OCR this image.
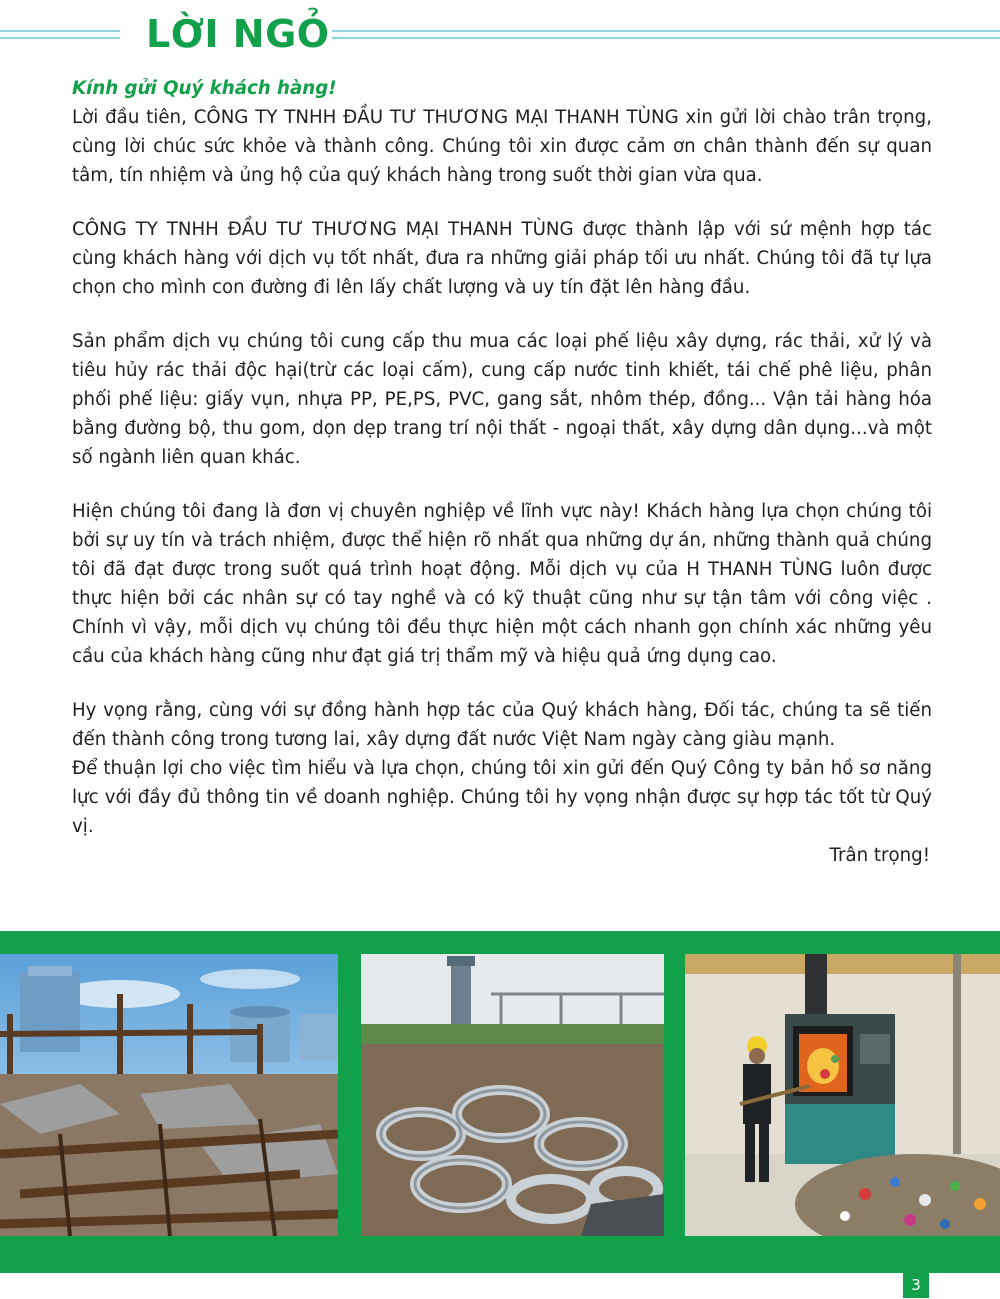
LỜI NGỎ

Kính gửi Quý khách hàng!

Lời đầu tiên, CÔNG TY TNHH ĐẦU TƯ THƯƠNG MẠI THANH TÙNG xin gửi lời chào trân trọng, cùng lời chúc sức khỏe và thành công. Chúng tôi xin được cảm ơn chân thành đến sự quan tâm, tín nhiệm và ủng hộ của quý khách hàng trong suốt thời gian vừa qua.

CÔNG TY TNHH ĐẦU TƯ THƯƠNG MẠI THANH TÙNG được thành lập với sứ mệnh hợp tác cùng khách hàng với dịch vụ tốt nhất, đưa ra những giải pháp tối ưu nhất. Chúng tôi đã tự lựa chọn cho mình con đường đi lên lấy chất lượng và uy tín đặt lên hàng đầu.

Sản phẩm dịch vụ chúng tôi cung cấp thu mua các loại phế liệu xây dựng, rác thải, xử lý và tiêu hủy rác thải độc hại(trừ các loại cấm), cung cấp nước tinh khiết, tái chế phê liệu, phân phối phế liệu: giấy vụn, nhựa PP, PE,PS, PVC, gang sắt, nhôm thép, đồng... Vận tải hàng hóa bằng đường bộ, thu gom, dọn dẹp trang trí nội thất - ngoại thất, xây dựng dân dụng...và một số ngành liên quan khác.

Hiện chúng tôi đang là đơn vị chuyên nghiệp về lĩnh vực này! Khách hàng lựa chọn chúng tôi bởi sự uy tín và trách nhiệm, được thể hiện rõ nhất qua những dự án, những thành quả chúng tôi đã đạt được trong suốt quá trình hoạt động. Mỗi dịch vụ của H THANH TÙNG luôn được thực hiện bởi các nhân sự có tay nghề và có kỹ thuật cũng như sự tận tâm với công việc . Chính vì vậy, mỗi dịch vụ chúng tôi đều thực hiện một cách nhanh gọn chính xác những yêu cầu của khách hàng cũng như đạt giá trị thẩm mỹ và hiệu quả ứng dụng cao.

Hy vọng rằng, cùng với sự đồng hành hợp tác của Quý khách hàng, Đối tác, chúng ta sẽ tiến đến thành công trong tương lai, xây dựng đất nước Việt Nam ngày càng giàu mạnh.

Để thuận lợi cho việc tìm hiểu và lựa chọn, chúng tôi xin gửi đến Quý Công ty bản hồ sơ năng lực với đầy đủ thông tin về doanh nghiệp. Chúng tôi hy vọng nhận được sự hợp tác tốt từ Quý vị.

Trân trọng!

3
